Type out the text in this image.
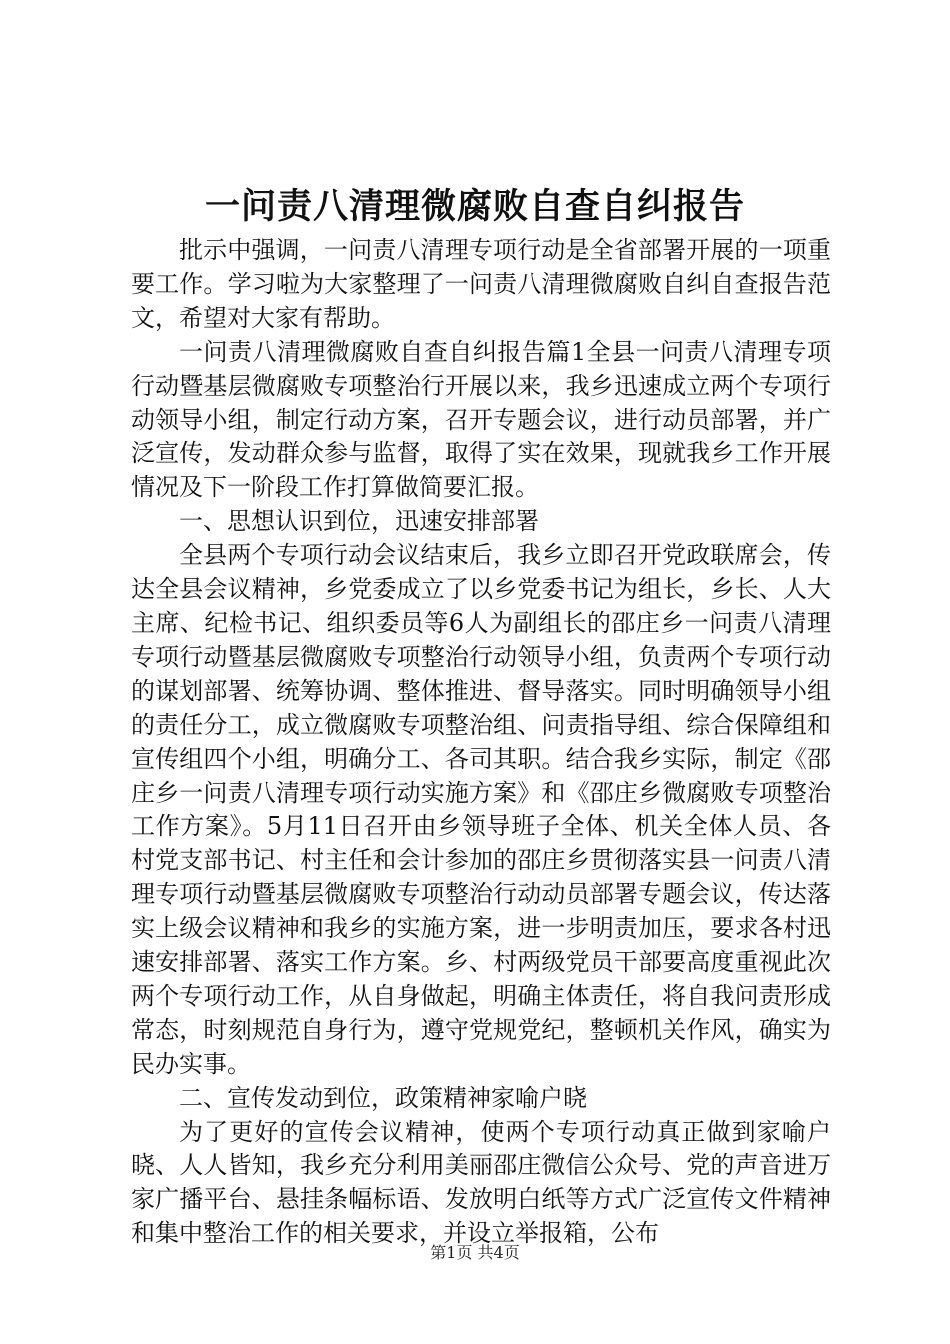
一问责八清理微腐败自查自纠报告

批示中强调，一问责八清理专项行动是全省部署开展的一项重要工作。学习啦为大家整理了一问责八清理微腐败自纠自查报告范文，希望对大家有帮助。

一问责八清理微腐败自查自纠报告篇1全县一问责八清理专项行动暨基层微腐败专项整治行开展以来，我乡迅速成立两个专项行动领导小组，制定行动方案，召开专题会议，进行动员部署，并广泛宣传，发动群众参与监督，取得了实在效果，现就我乡工作开展情况及下一阶段工作打算做简要汇报。

一、思想认识到位，迅速安排部署

全县两个专项行动会议结束后，我乡立即召开党政联席会，传达全县会议精神，乡党委成立了以乡党委书记为组长，乡长、人大主席、纪检书记、组织委员等6人为副组长的邵庄乡一问责八清理专项行动暨基层微腐败专项整治行动领导小组，负责两个专项行动的谋划部署、统筹协调、整体推进、督导落实。同时明确领导小组的责任分工，成立微腐败专项整治组、问责指导组、综合保障组和宣传组四个小组，明确分工、各司其职。结合我乡实际，制定《邵庄乡一问责八清理专项行动实施方案》和《邵庄乡微腐败专项整治工作方案》。5月11日召开由乡领导班子全体、机关全体人员、各村党支部书记、村主任和会计参加的邵庄乡贯彻落实县一问责八清理专项行动暨基层微腐败专项整治行动动员部署专题会议，传达落实上级会议精神和我乡的实施方案，进一步明责加压，要求各村迅速安排部署、落实工作方案。乡、村两级党员干部要高度重视此次两个专项行动工作，从自身做起，明确主体责任，将自我问责形成常态，时刻规范自身行为，遵守党规党纪，整顿机关作风，确实为民办实事。

二、宣传发动到位，政策精神家喻户晓

为了更好的宣传会议精神，使两个专项行动真正做到家喻户晓、人人皆知，我乡充分利用美丽邵庄微信公众号、党的声音进万家广播平台、悬挂条幅标语、发放明白纸等方式广泛宣传文件精神和集中整治工作的相关要求，并设立举报箱，公布

第1页 共4页
